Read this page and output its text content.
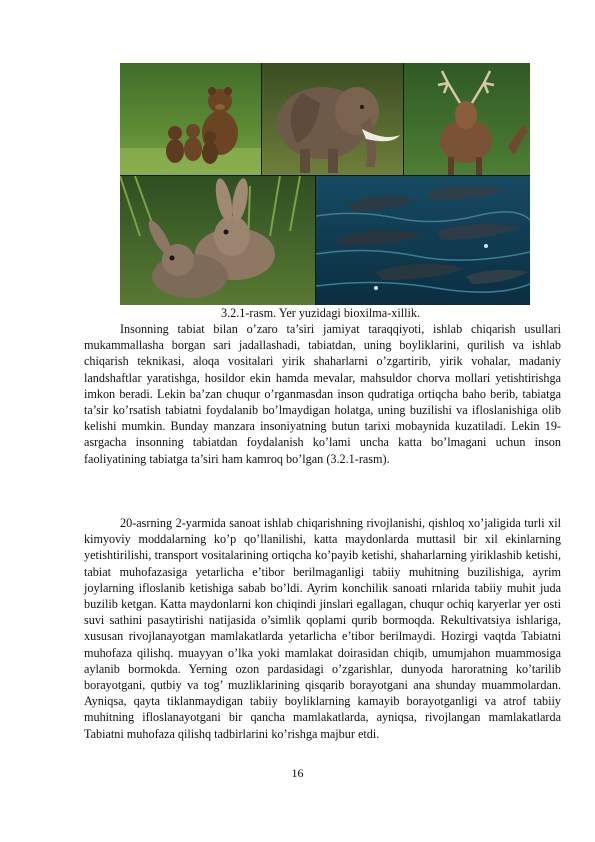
3.2.1-rasm. Yer yuzidagi bioxilma-xillik.

Insonning tabiat bilan o’zaro ta’siri jamiyat taraqqiyoti, ishlab chiqarish usullari mukammallasha borgan sari jadallashadi, tabiatdan, uning boyliklarini, qurilish va ishlab chiqarish teknikasi, aloqa vositalari yirik shaharlarni o’zgartirib, yirik vohalar, madaniy landshaftlar yaratishga, hosildor ekin hamda mevalar, mahsuldor chorva mollari yetishtirishga imkon beradi. Lekin ba’zan chuqur o’rganmasdan inson qudratiga ortiqcha baho berib, tabiatga ta’sir ko’rsatish tabiatni foydalanib bo’lmaydigan holatga, uning buzilishi va ifloslanishiga olib kelishi mumkin. Bunday manzara insoniyatning butun tarixi mobaynida kuzatiladi. Lekin 19-asrgacha insonning tabiatdan foydalanish ko’lami uncha katta bo’lmagani uchun inson faoliyatining tabiatga ta’siri ham kamroq bo’lgan (3.2.1-rasm).

20-asrning 2-yarmida sanoat ishlab chiqarishning rivojlanishi, qishloq xo’jaligida turli xil kimyoviy moddalarning ko’p qo’llanilishi, katta maydonlarda muttasil bir xil ekinlarning yetishtirilishi, transport vositalarining ortiqcha ko’payib ketishi, shaharlarning yiriklashib ketishi, tabiat muhofazasiga yetarlicha e’tibor berilmaganligi tabiiy muhitning buzilishiga, ayrim joylarning ifloslanib ketishiga sabab bo’ldi. Ayrim konchilik sanoati rnlarida tabiiy muhit juda buzilib ketgan. Katta maydonlarni kon chiqindi jinslari egallagan, chuqur ochiq karyerlar yer osti suvi sathini pasaytirishi natijasida o’simlik qoplami qurib bormoqda. Rekultivatsiya ishlariga, xususan rivojlanayotgan mamlakatlarda yetarlicha e’tibor berilmaydi. Hozirgi vaqtda Tabiatni muhofaza qilishq. muayyan o’lka yoki mamlakat doirasidan chiqib, umumjahon muammosiga aylanib bormokda. Yerning ozon pardasidagi o’zgarishlar, dunyoda haroratning ko’tarilib borayotgani, qutbiy va tog’ muzliklarining qisqarib borayotgani ana shunday muammolardan. Ayniqsa, qayta tiklanmaydigan tabiiy boyliklarning kamayib borayotganligi va atrof tabiiy muhitning ifloslanayotgani bir qancha mamlakatlarda, ayniqsa, rivojlangan mamlakatlarda Tabiatni muhofaza qilishq tadbirlarini ko’rishga majbur etdi.

16
